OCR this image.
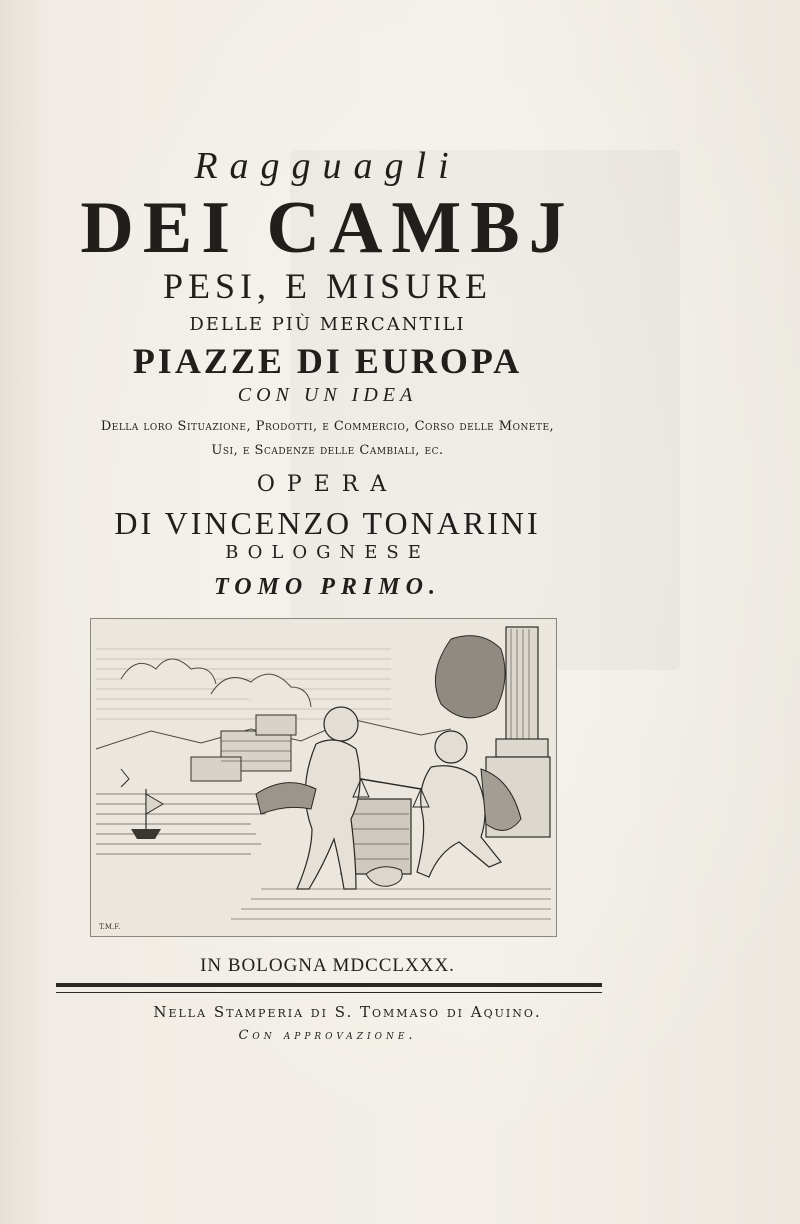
Ragguagli
DEI CAMBJ
PESI, E MISURE
DELLE PIÙ MERCANTILI
PIAZZE DI EUROPA
CON UN IDEA
Della loro Situazione, Prodotti, e Commercio, Corso delle Monete,
Usi, e Scadenze delle Cambiali, ec.
OPERA
DI VINCENZO TONARINI
BOLOGNESE
TOMO PRIMO.
T.M.F.
IN BOLOGNA MDCCLXXX.
Nella Stamperia di S. Tommaso di Aquino.
Con approvazione.
